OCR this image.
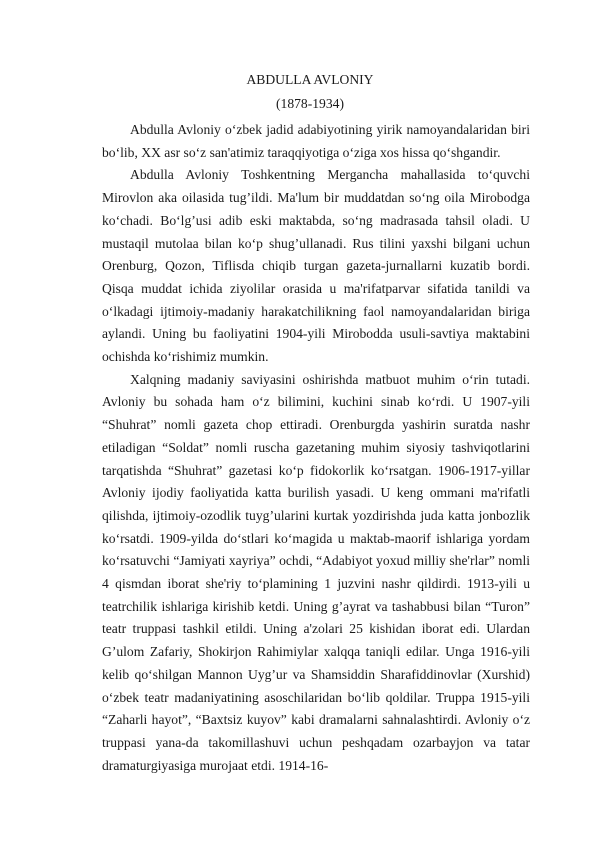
ABDULLA AVLONIY
(1878-1934)

Abdulla Avloniy o‘zbek jadid adabiyotining yirik namoyandalaridan biri bo‘lib, XX asr so‘z san'atimiz taraqqiyotiga o‘ziga xos hissa qo‘shgandir.

Abdulla Avloniy Toshkentning Mergancha mahallasida to‘quvchi Mirovlon aka oilasida tug’ildi. Ma'lum bir muddatdan so‘ng oila Mirobodga ko‘chadi. Bo‘lg’usi adib eski maktabda, so‘ng madrasada tahsil oladi. U mustaqil mutolaa bilan ko‘p shug’ullanadi. Rus tilini yaxshi bilgani uchun Orenburg, Qozon, Tiflisda chiqib turgan gazeta-jurnallarni kuzatib bordi. Qisqa muddat ichida ziyolilar orasida u ma'rifatparvar sifatida tanildi va o‘lkadagi ijtimoiy-madaniy harakatchilikning faol namoyandalaridan biriga aylandi. Uning bu faoliyatini 1904-yili Mirobodda usuli-savtiya maktabini ochishda ko‘rishimiz mumkin.

Xalqning madaniy saviyasini oshirishda matbuot muhim o‘rin tutadi. Avloniy bu sohada ham o‘z bilimini, kuchini sinab ko‘rdi. U 1907-yili “Shuhrat” nomli gazeta chop ettiradi. Orenburgda yashirin suratda nashr etiladigan “Soldat” nomli ruscha gazetaning muhim siyosiy tashviqotlarini tarqatishda “Shuhrat” gazetasi ko‘p fidokorlik ko‘rsatgan. 1906-1917-yillar Avloniy ijodiy faoliyatida katta burilish yasadi. U keng ommani ma'rifatli qilishda, ijtimoiy-ozodlik tuyg’ularini kurtak yozdirishda juda katta jonbozlik ko‘rsatdi. 1909-yilda do‘stlari ko‘magida u maktab-maorif ishlariga yordam ko‘rsatuvchi “Jamiyati xayriya” ochdi, “Adabiyot yoxud milliy she'rlar” nomli 4 qismdan iborat she'riy to‘plamining 1 juzvini nashr qildirdi. 1913-yili u teatrchilik ishlariga kirishib ketdi. Uning g’ayrat va tashabbusi bilan “Turon” teatr truppasi tashkil etildi. Uning a'zolari 25 kishidan iborat edi. Ulardan G’ulom Zafariy, Shokirjon Rahimiylar xalqqa taniqli edilar. Unga 1916-yili kelib qo‘shilgan Mannon Uyg’ur va Shamsiddin Sharafiddinovlar (Xurshid) o‘zbek teatr madaniyatining asoschilaridan bo‘lib qoldilar. Truppa 1915-yili “Zaharli hayot”, “Baxtsiz kuyov” kabi dramalarni sahnalashtirdi. Avloniy o‘z truppasi yana-da takomillashuvi uchun peshqadam ozarbayjon va tatar dramaturgiyasiga murojaat etdi. 1914-16-
